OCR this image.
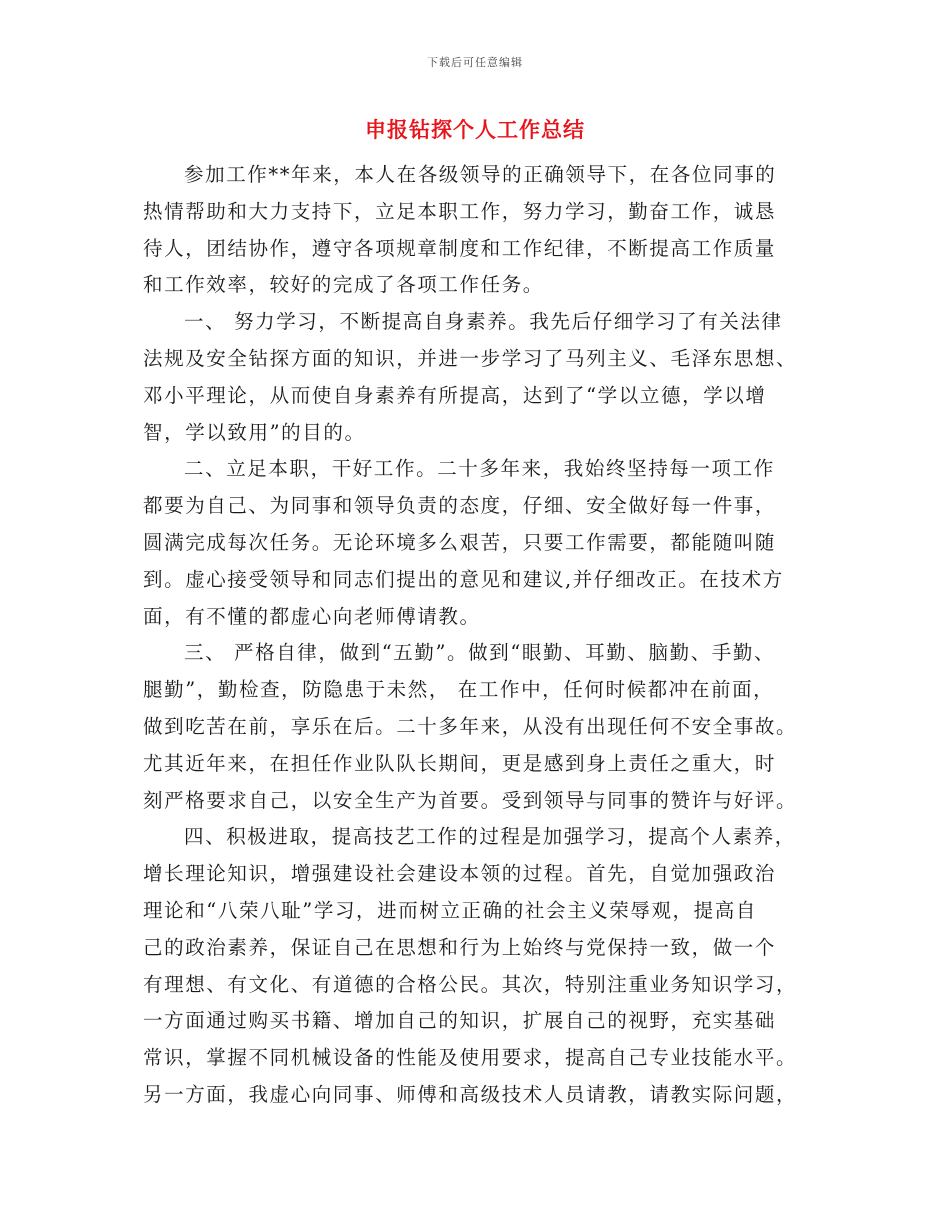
下载后可任意编辑
申报钻探个人工作总结
参加工作**年来，本人在各级领导的正确领导下，在各位同事的
热情帮助和大力支持下，立足本职工作，努力学习，勤奋工作，诚恳
待人，团结协作，遵守各项规章制度和工作纪律，不断提高工作质量
和工作效率，较好的完成了各项工作任务。
一、 努力学习，不断提高自身素养。我先后仔细学习了有关法律
法规及安全钻探方面的知识，并进一步学习了马列主义、毛泽东思想、
邓小平理论，从而使自身素养有所提高，达到了“学以立德，学以增
智，学以致用”的目的。
二、立足本职，干好工作。二十多年来，我始终坚持每一项工作
都要为自己、为同事和领导负责的态度，仔细、安全做好每一件事，
圆满完成每次任务。无论环境多么艰苦，只要工作需要，都能随叫随
到。虚心接受领导和同志们提出的意见和建议,并仔细改正。在技术方
面，有不懂的都虚心向老师傅请教。
三、 严格自律，做到“五勤”。做到“眼勤、耳勤、脑勤、手勤、
腿勤”，勤检查，防隐患于未然， 在工作中，任何时候都冲在前面，
做到吃苦在前，享乐在后。二十多年来，从没有出现任何不安全事故。
尤其近年来，在担任作业队队长期间，更是感到身上责任之重大，时
刻严格要求自己，以安全生产为首要。受到领导与同事的赞许与好评。
四、积极进取，提高技艺工作的过程是加强学习，提高个人素养，
增长理论知识，增强建设社会建设本领的过程。首先，自觉加强政治
理论和“八荣八耻”学习，进而树立正确的社会主义荣辱观，提高自
己的政治素养，保证自己在思想和行为上始终与党保持一致，做一个
有理想、有文化、有道德的合格公民。其次，特别注重业务知识学习，
一方面通过购买书籍、增加自己的知识，扩展自己的视野，充实基础
常识，掌握不同机械设备的性能及使用要求，提高自己专业技能水平。
另一方面，我虚心向同事、师傅和高级技术人员请教，请教实际问题，
